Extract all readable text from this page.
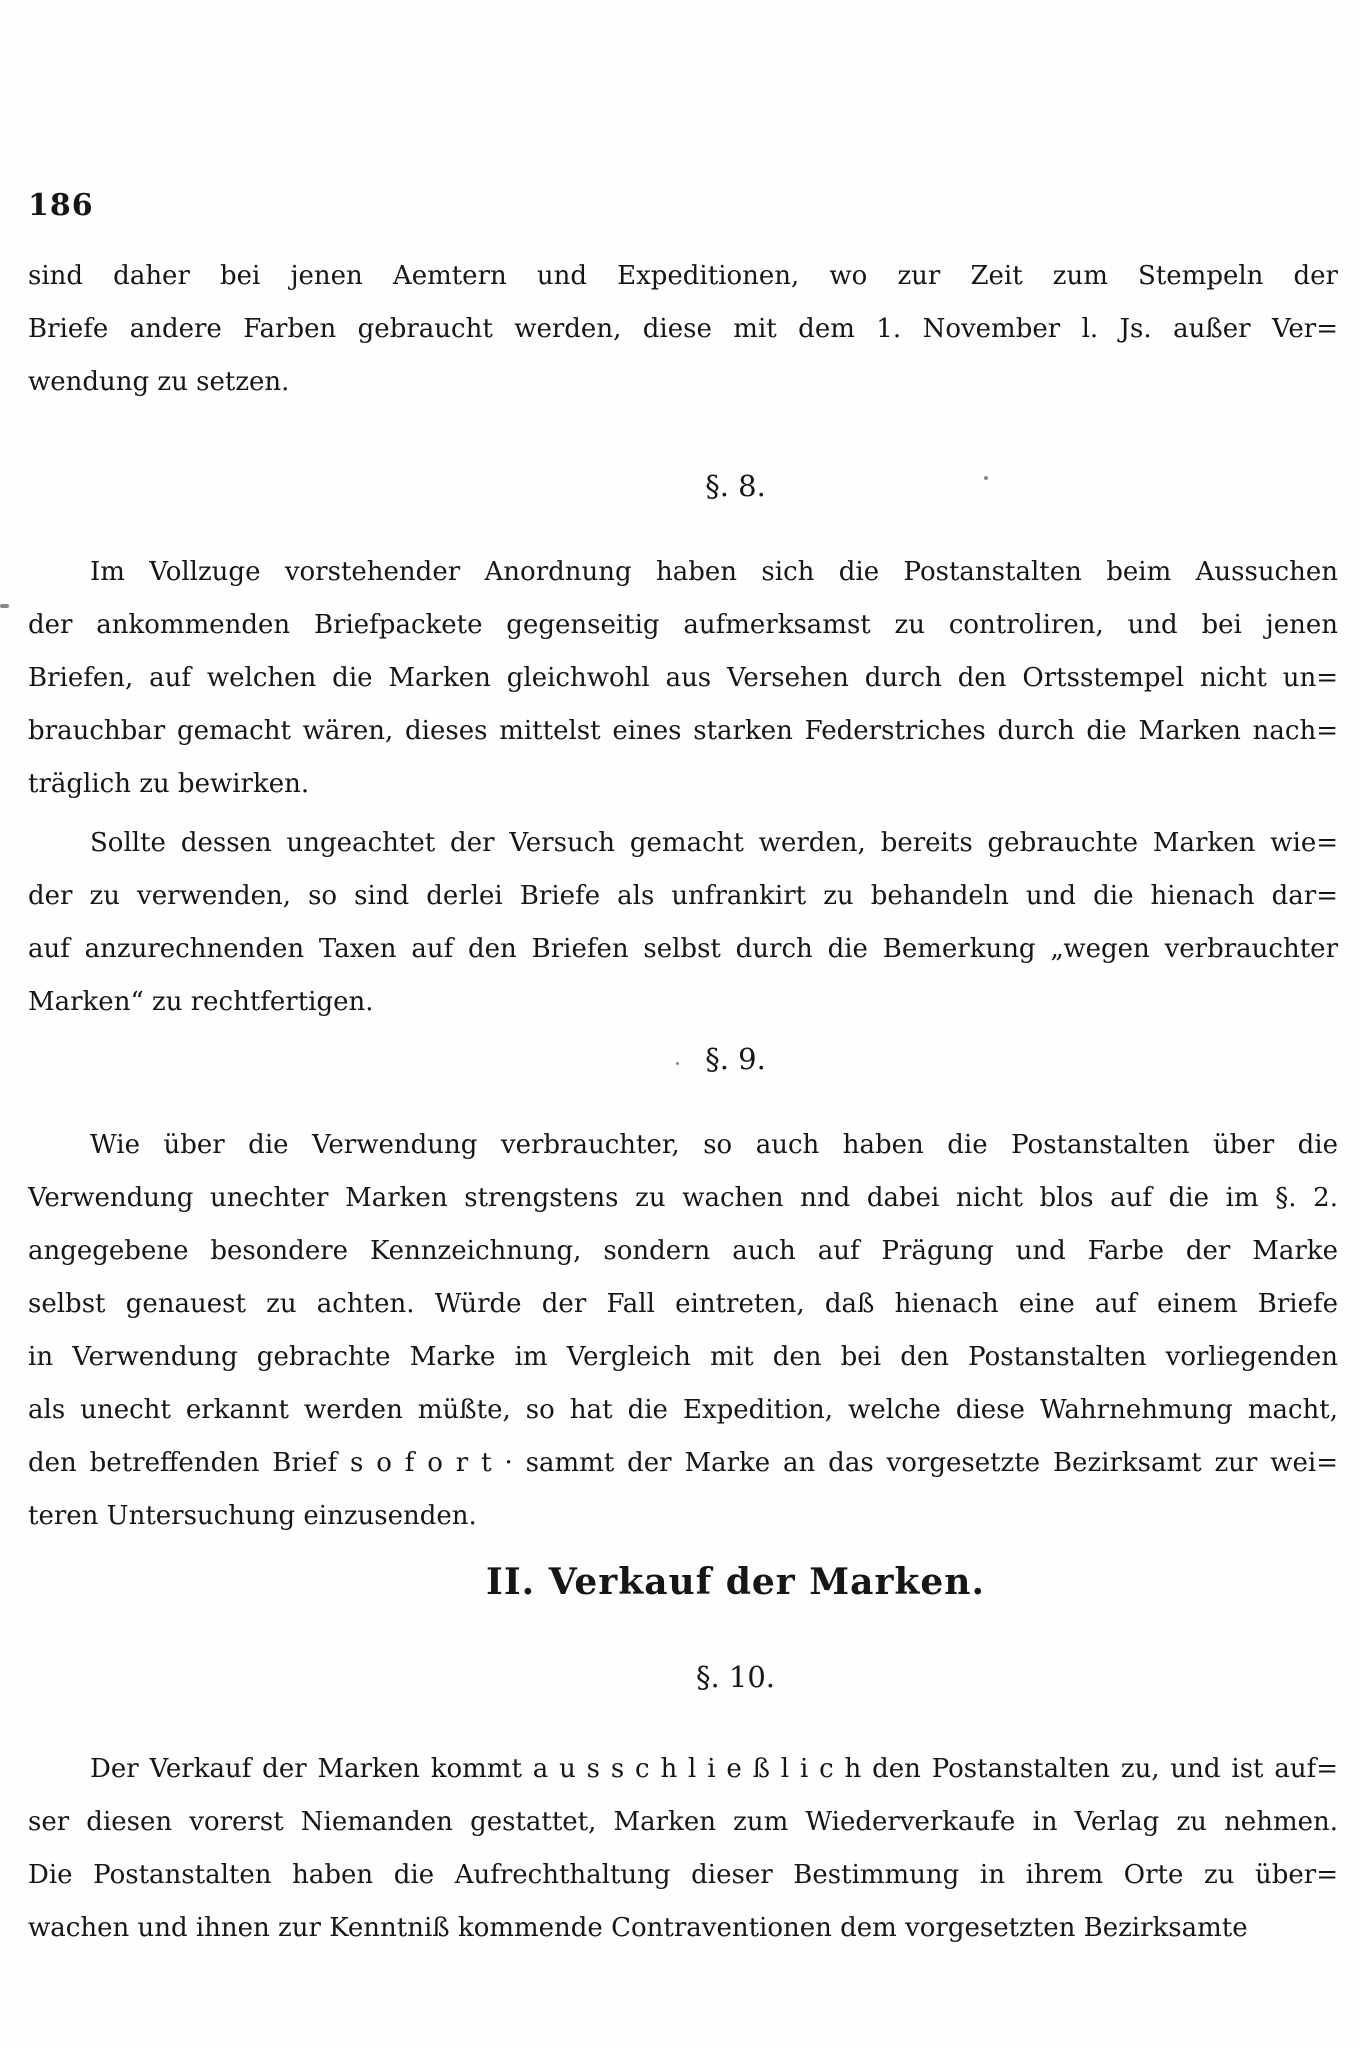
186
sind daher bei jenen Aemtern und Expeditionen, wo zur Zeit zum Stempeln der
Briefe andere Farben gebraucht werden, diese mit dem 1. November l. Js. außer Ver=
wendung zu setzen.
§. 8.
Im Vollzuge vorstehender Anordnung haben sich die Postanstalten beim Aussuchen
der ankommenden Briefpackete gegenseitig aufmerksamst zu controliren, und bei jenen
Briefen, auf welchen die Marken gleichwohl aus Versehen durch den Ortsstempel nicht un=
brauchbar gemacht wären, dieses mittelst eines starken Federstriches durch die Marken nach=
träglich zu bewirken.
Sollte dessen ungeachtet der Versuch gemacht werden, bereits gebrauchte Marken wie=
der zu verwenden, so sind derlei Briefe als unfrankirt zu behandeln und die hienach dar=
auf anzurechnenden Taxen auf den Briefen selbst durch die Bemerkung „wegen verbrauchter
Marken“ zu rechtfertigen.
§. 9.
Wie über die Verwendung verbrauchter, so auch haben die Postanstalten über die
Verwendung unechter Marken strengstens zu wachen nnd dabei nicht blos auf die im §. 2.
angegebene besondere Kennzeichnung, sondern auch auf Prägung und Farbe der Marke
selbst genauest zu achten. Würde der Fall eintreten, daß hienach eine auf einem Briefe
in Verwendung gebrachte Marke im Vergleich mit den bei den Postanstalten vorliegenden
als unecht erkannt werden müßte, so hat die Expedition, welche diese Wahrnehmung macht,
den betreffenden Brief s o f o r t · sammt der Marke an das vorgesetzte Bezirksamt zur wei=
teren Untersuchung einzusenden.
II. Verkauf der Marken.
§. 10.
Der Verkauf der Marken kommt a u s s c h l i e ß l i c h den Postanstalten zu, und ist auf=
ser diesen vorerst Niemanden gestattet, Marken zum Wiederverkaufe in Verlag zu nehmen.
Die Postanstalten haben die Aufrechthaltung dieser Bestimmung in ihrem Orte zu über=
wachen und ihnen zur Kenntniß kommende Contraventionen dem vorgesetzten Bezirksamte
